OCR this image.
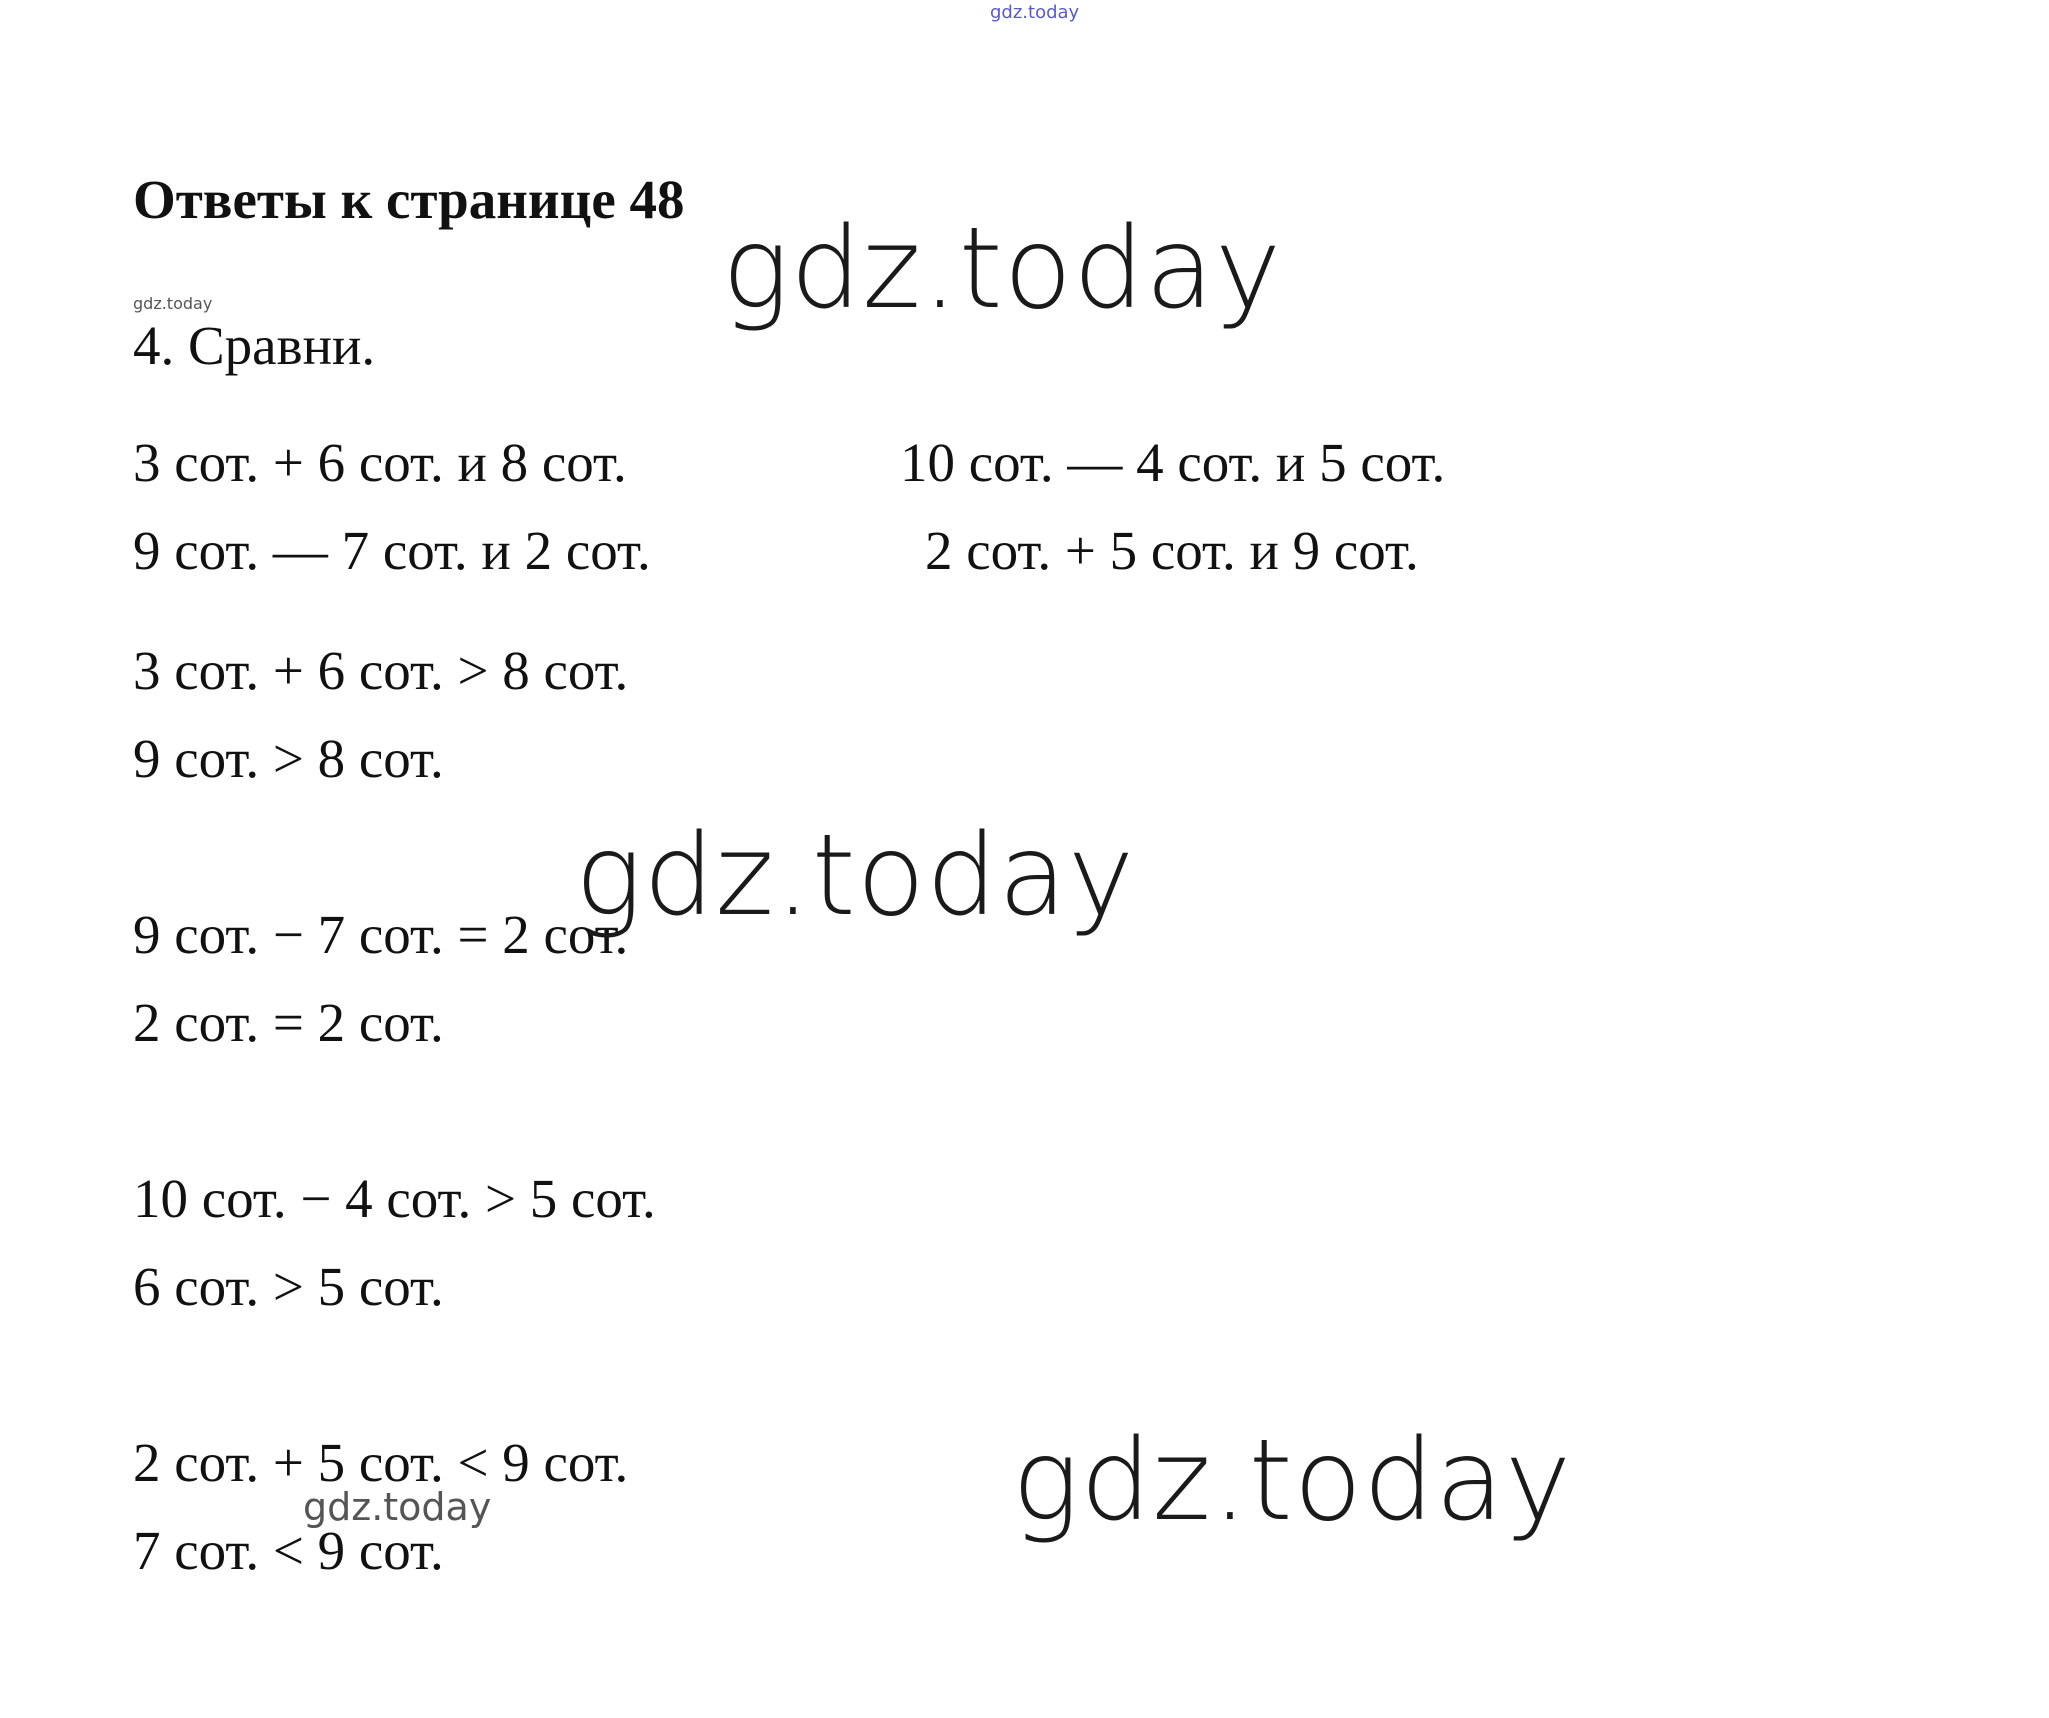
gdz.today
Ответы к странице 48
gdz.today
4. Сравни.
3 сот. + 6 сот. и 8 сот.	10 сот. — 4 сот. и 5 сот.
9 сот. — 7 сот. и 2 сот.	2 сот. + 5 сот. и 9 сот.
3 сот. + 6 сот. > 8 сот.
9 сот. > 8 сот.
9 сот. − 7 сот. = 2 сот.
2 сот. = 2 сот.
10 сот. − 4 сот. > 5 сот.
6 сот. > 5 сот.
2 сот. + 5 сот. < 9 сот.
7 сот. < 9 сот.
gdz.today
gdz.today
gdz.today
gdz.today
